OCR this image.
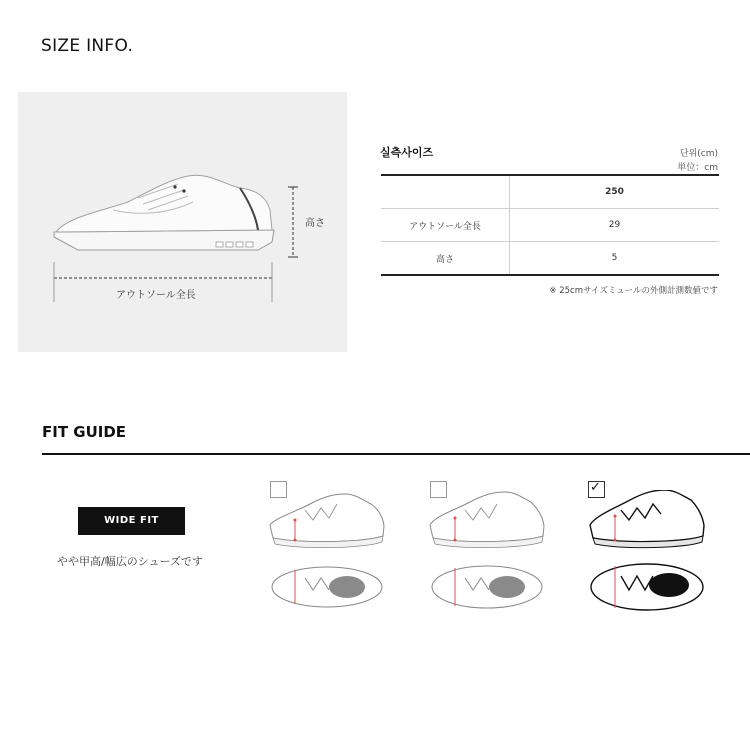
SIZE INFO.
高さ
アウトソール全長
실측사이즈	단위(cm)
単位：cm
	250
アウトソール全長	29
高さ	5
※ 25cmサイズミュールの外側計測数値です
FIT GUIDE
WIDE FIT
やや甲高/幅広のシューズです
✓
